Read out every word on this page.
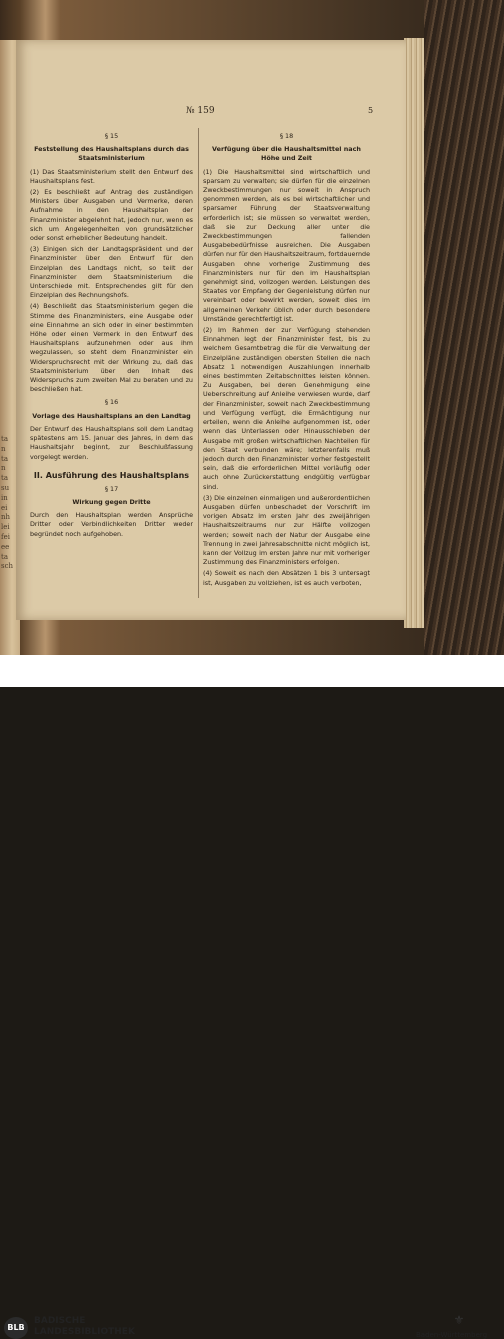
ta
n
ta
n
ta
su
in
ei
nh
lei
fei
ee
ta
sch
№ 159	5
§ 15
Feststellung des Haushaltsplans durch das Staatsministerium
(1) Das Staatsministerium stellt den Entwurf des Haushaltsplans fest.
(2) Es beschließt auf Antrag des zuständigen Ministers über Ausgaben und Vermerke, deren Aufnahme in den Haushaltsplan der Finanzminister abgelehnt hat, jedoch nur, wenn es sich um Angelegenheiten von grundsätzlicher oder sonst erheblicher Bedeutung handelt.
(3) Einigen sich der Landtagspräsident und der Finanzminister über den Entwurf für den Einzelplan des Landtags nicht, so teilt der Finanzminister dem Staatsministerium die Unterschiede mit. Entsprechendes gilt für den Einzelplan des Rechnungshofs.
(4) Beschließt das Staatsministerium gegen die Stimme des Finanzministers, eine Ausgabe oder eine Einnahme an sich oder in einer bestimmten Höhe oder einen Vermerk in den Entwurf des Haushaltsplans aufzunehmen oder aus ihm wegzulassen, so steht dem Finanzminister ein Widerspruchsrecht mit der Wirkung zu, daß das Staatsministerium über den Inhalt des Widerspruchs zum zweiten Mal zu beraten und zu beschließen hat.
§ 16
Vorlage des Haushaltsplans an den Landtag
Der Entwurf des Haushaltsplans soll dem Landtag spätestens am 15. Januar des Jahres, in dem das Haushaltsjahr beginnt, zur Beschlußfassung vorgelegt werden.
II. Ausführung des Haushaltsplans
§ 17
Wirkung gegen Dritte
Durch den Haushaltsplan werden Ansprüche Dritter oder Verbindlichkeiten Dritter weder begründet noch aufgehoben.
§ 18
Verfügung über die Haushaltsmittel nach Höhe und Zeit
(1) Die Haushaltsmittel sind wirtschaftlich und sparsam zu verwalten; sie dürfen für die einzelnen Zweckbestimmungen nur soweit in Anspruch genommen werden, als es bei wirtschaftlicher und sparsamer Führung der Staatsverwaltung erforderlich ist; sie müssen so verwaltet werden, daß sie zur Deckung aller unter die Zweckbestimmungen fallenden Ausgabebedürfnisse ausreichen. Die Ausgaben dürfen nur für den Haushaltszeitraum, fortdauernde Ausgaben ohne vorherige Zustimmung des Finanzministers nur für den im Haushaltsplan genehmigt sind, vollzogen werden. Leistungen des Staates vor Empfang der Gegenleistung dürfen nur vereinbart oder bewirkt werden, soweit dies im allgemeinen Verkehr üblich oder durch besondere Umstände gerechtfertigt ist.
(2) Im Rahmen der zur Verfügung stehenden Einnahmen legt der Finanzminister fest, bis zu welchem Gesamtbetrag die für die Verwaltung der Einzelpläne zuständigen obersten Stellen die nach Absatz 1 notwendigen Auszahlungen innerhalb eines bestimmten Zeitabschnittes leisten können. Zu Ausgaben, bei deren Genehmigung eine Ueberschreitung auf Anleihe verwiesen wurde, darf der Finanzminister, soweit nach Zweckbestimmung und Verfügung verfügt, die Ermächtigung nur erteilen, wenn die Anleihe aufgenommen ist, oder wenn das Unterlassen oder Hinausschieben der Ausgabe mit großen wirtschaftlichen Nachteilen für den Staat verbunden wäre; letzterenfalls muß jedoch durch den Finanzminister vorher festgestellt sein, daß die erforderlichen Mittel vorläufig oder auch ohne Zurückerstattung endgültig verfügbar sind.
(3) Die einzelnen einmaligen und außerordentlichen Ausgaben dürfen unbeschadet der Vorschrift im vorigen Absatz im ersten Jahr des zweijährigen Haushaltszeitraums nur zur Hälfte vollzogen werden; soweit nach der Natur der Ausgabe eine Trennung in zwei Jahresabschnitte nicht möglich ist, kann der Vollzug im ersten Jahre nur mit vorheriger Zustimmung des Finanzministers erfolgen.
(4) Soweit es nach den Absätzen 1 bis 3 untersagt ist, Ausgaben zu vollziehen, ist es auch verboten,
BLB
BADISCHE
LANDESBIBLIOTHEK
⚜
Baden-Württemberg
